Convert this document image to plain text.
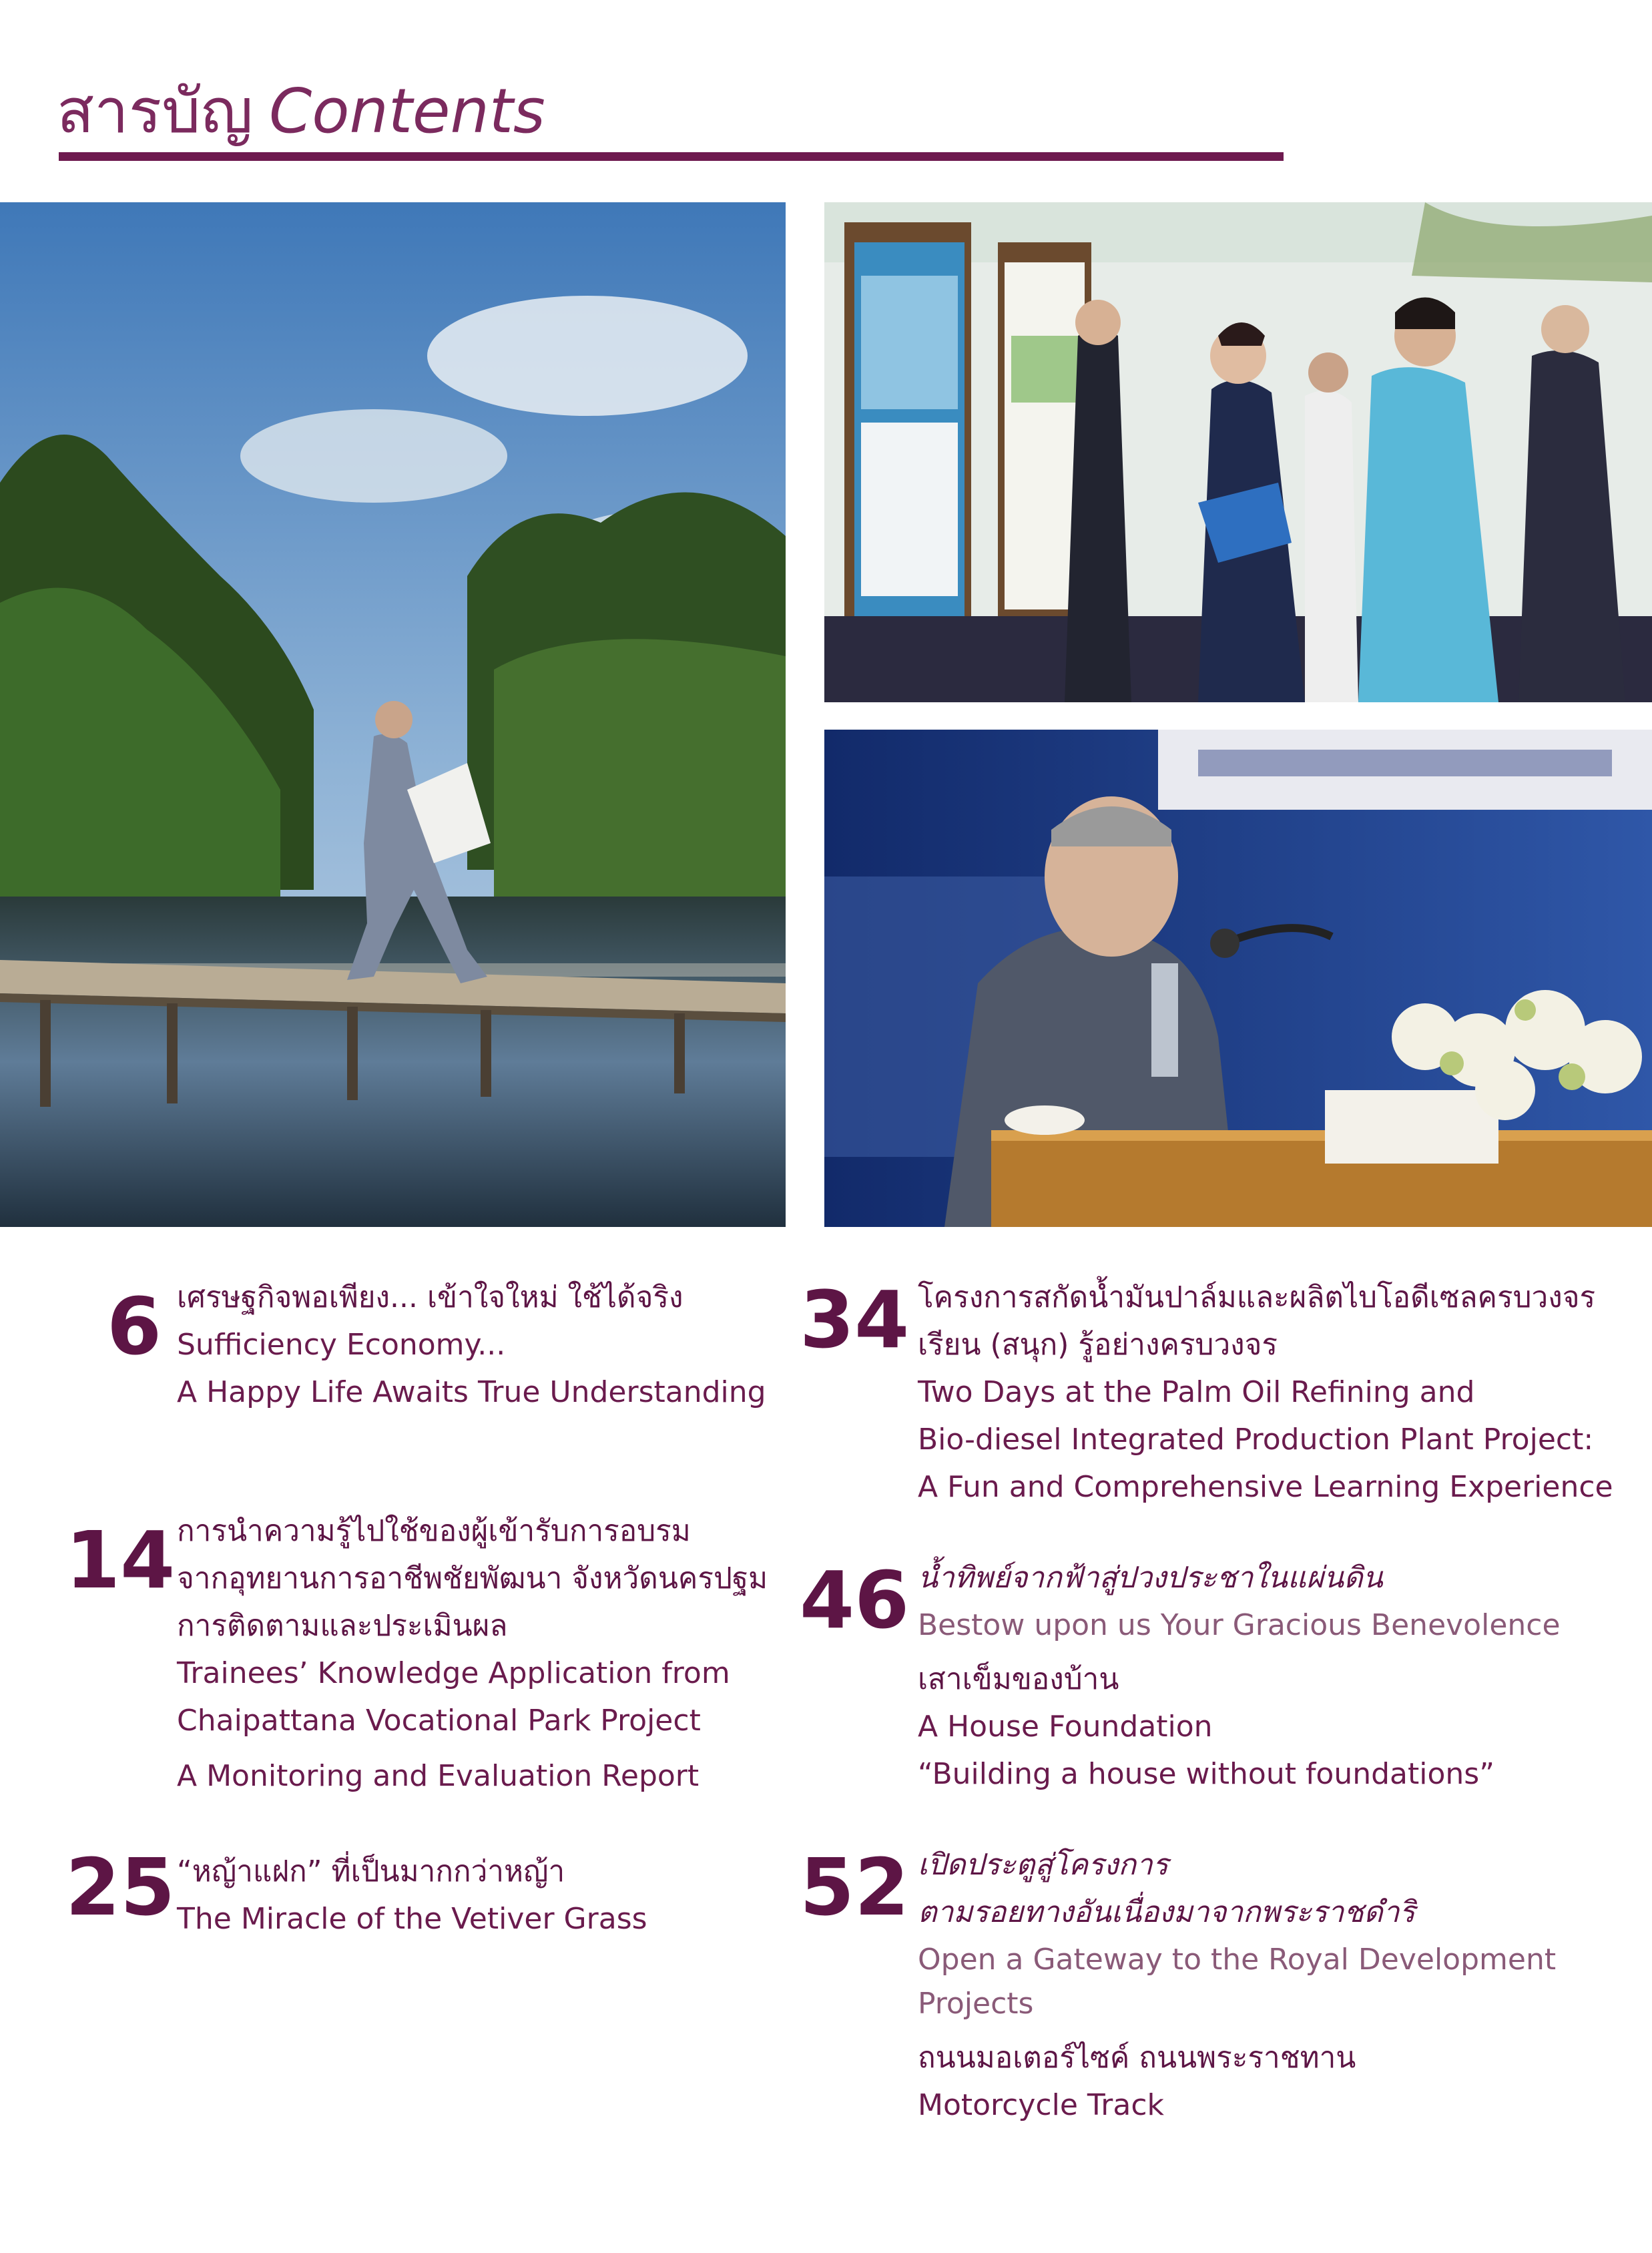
สารบัญ Contents
6 เศรษฐกิจพอเพียง... เข้าใจใหม่ ใช้ได้จริง
Sufficiency Economy...
A Happy Life Awaits True Understanding
14 การนำความรู้ไปใช้ของผู้เข้ารับการอบรม
จากอุทยานการอาชีพชัยพัฒนา จังหวัดนครปฐม
การติดตามและประเมินผล
Trainees’ Knowledge Application from
Chaipattana Vocational Park Project
A Monitoring and Evaluation Report
25 “หญ้าแฝก” ที่เป็นมากกว่าหญ้า
The Miracle of the Vetiver Grass
34 โครงการสกัดน้ำมันปาล์มและผลิตไบโอดีเซลครบวงจร
เรียน (สนุก) รู้อย่างครบวงจร
Two Days at the Palm Oil Refining and
Bio-diesel Integrated Production Plant Project:
A Fun and Comprehensive Learning Experience
46 น้ำทิพย์จากฟ้าสู่ปวงประชาในแผ่นดิน
Bestow upon us Your Gracious Benevolence
เสาเข็มของบ้าน
A House Foundation
“Building a house without foundations”
52 เปิดประตูสู่โครงการ
ตามรอยทางอันเนื่องมาจากพระราชดำริ
Open a Gateway to the Royal Development
Projects
ถนนมอเตอร์ไซค์ ถนนพระราชทาน
Motorcycle Track
